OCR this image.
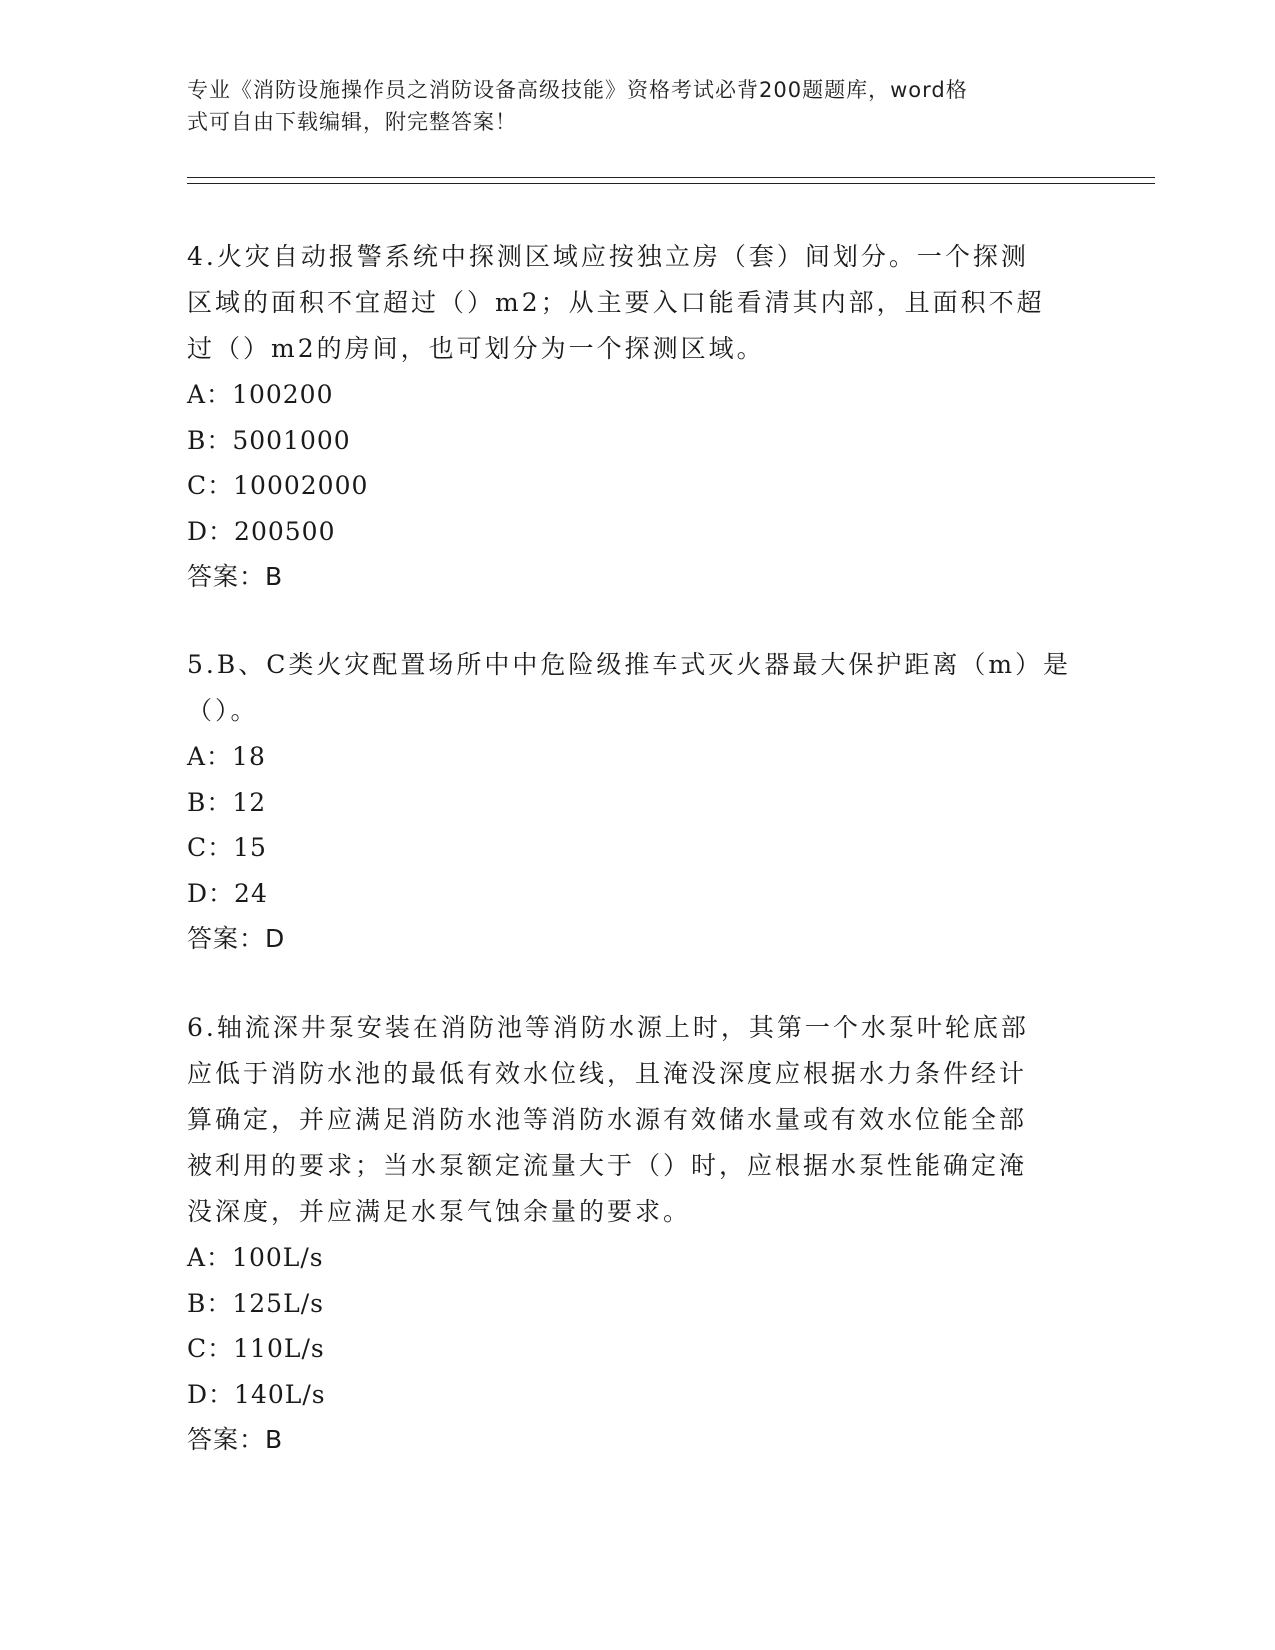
专业《消防设施操作员之消防设备高级技能》资格考试必背200题题库，word格
式可自由下载编辑，附完整答案！

4.火灾自动报警系统中探测区域应按独立房（套）间划分。一个探测

区域的面积不宜超过（）m2；从主要入口能看清其内部，且面积不超

过（）m2的房间，也可划分为一个探测区域。

A：100200

B：5001000

C：10002000

D：200500

答案：B

5.B、C类火灾配置场所中中危险级推车式灭火器最大保护距离（m）是

（）。

A：18

B：12

C：15

D：24

答案：D

6.轴流深井泵安装在消防池等消防水源上时，其第一个水泵叶轮底部

应低于消防水池的最低有效水位线，且淹没深度应根据水力条件经计

算确定，并应满足消防水池等消防水源有效储水量或有效水位能全部

被利用的要求；当水泵额定流量大于（）时，应根据水泵性能确定淹

没深度，并应满足水泵气蚀余量的要求。

A：100L/s

B：125L/s

C：110L/s

D：140L/s

答案：B
